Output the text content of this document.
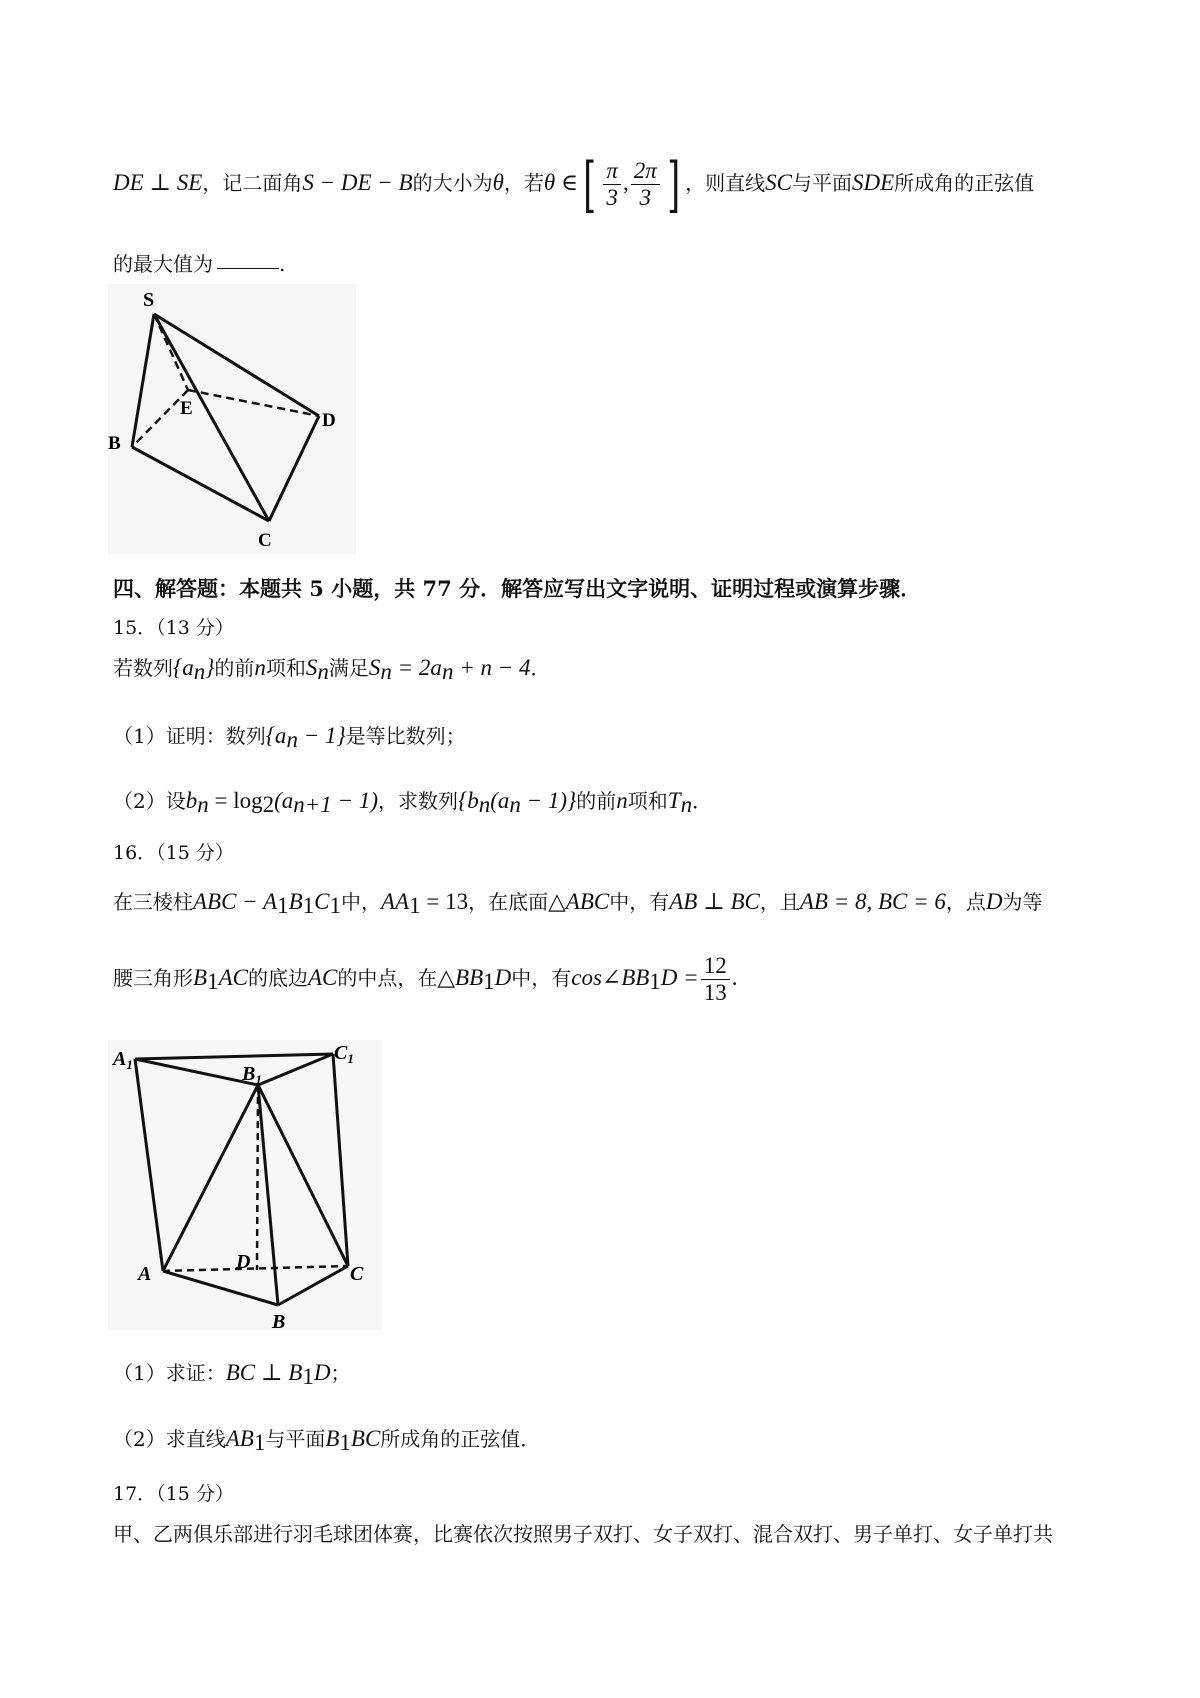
DE ⊥ SE，记二面角S − DE − B的大小为θ，若θ ∈[ $\frac{\pi}{3}$ , $\frac{2\pi}{3}$ ] ，则直线SC与平面SDE所成角的正弦值
的最大值为	.
S
E
D
B
C
四、解答题：本题共 5 小题，共 77 分．解答应写出文字说明、证明过程或演算步骤．
15．（13 分）
若数列$\{a_n\}$的前n项和$S_n$满足$S_n = 2a_n + n - 4$．
（1）证明：数列$\{a_n - 1\}$是等比数列；
（2）设$b_n = \log_2(a_{n+1} - 1)$，求数列$\{b_n(a_n - 1)\}$的前n项和$T_n$．
16．（15 分）
在三棱柱ABC − $A_1B_1C_1$中，$AA_1 = 13$，在底面△ABC中，有AB ⊥ BC，且AB = 8, BC = 6，点D为等
腰三角形$B_1AC$的底边AC的中点，在$\triangle BB_1D$中，有$\cos\angle BB_1D = \frac{12}{13}$ .
$A_1$
$C_1$
$B_1$
A
D
C
B
（1）求证：BC ⊥ $B_1D$；
（2）求直线$AB_1$与平面$B_1BC$所成角的正弦值．
17．（15 分）
甲、乙两俱乐部进行羽毛球团体赛，比赛依次按照男子双打、女子双打、混合双打、男子单打、女子单打共
